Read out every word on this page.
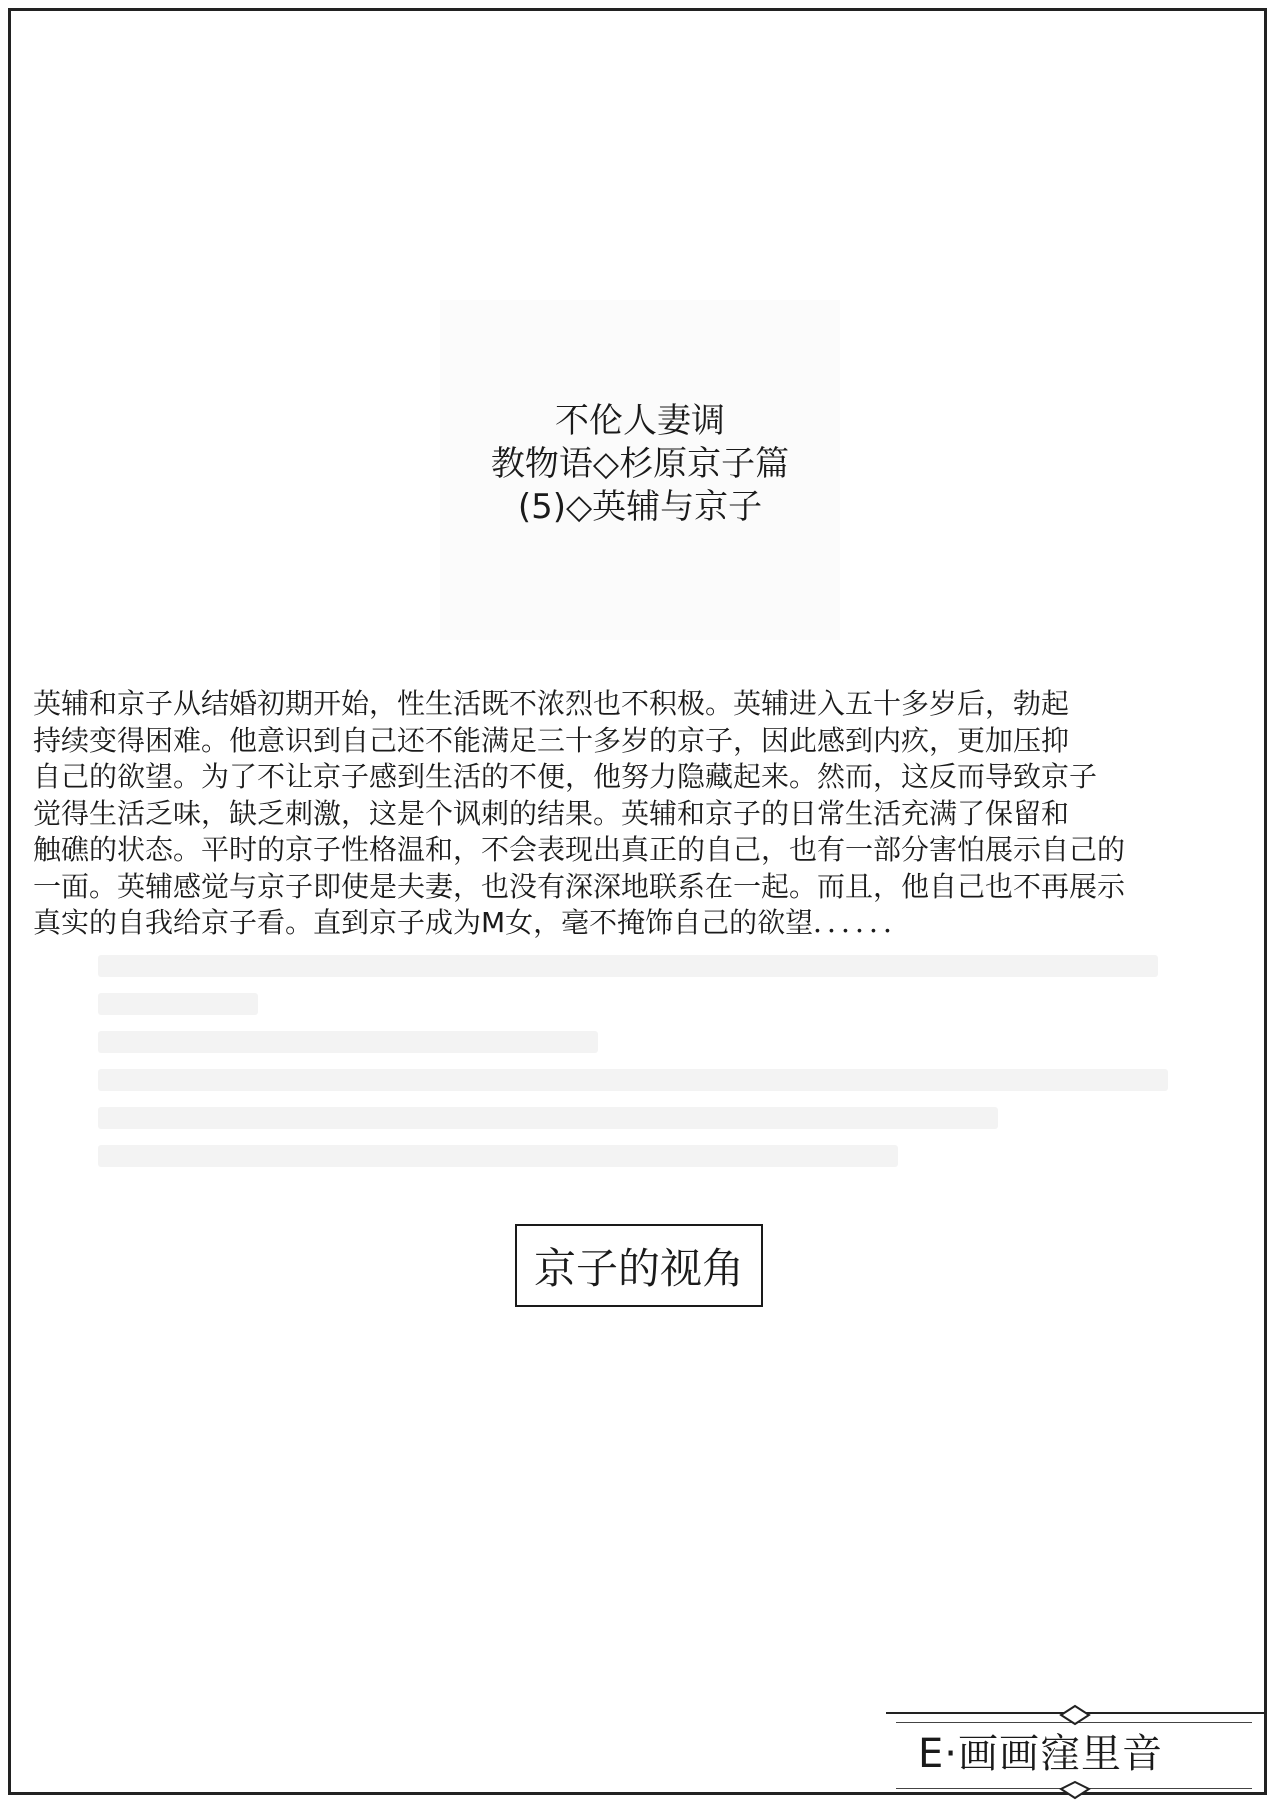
不伦人妻调
教物语◇杉原京子篇
(5)◇英辅与京子
英辅和京子从结婚初期开始，性生活既不浓烈也不积极。英辅进入五十多岁后，勃起
持续变得困难。他意识到自己还不能满足三十多岁的京子，因此感到内疚，更加压抑
自己的欲望。为了不让京子感到生活的不便，他努力隐藏起来。然而，这反而导致京子
觉得生活乏味，缺乏刺激，这是个讽刺的结果。英辅和京子的日常生活充满了保留和
触礁的状态。平时的京子性格温和，不会表现出真正的自己，也有一部分害怕展示自己的
一面。英辅感觉与京子即使是夫妻，也没有深深地联系在一起。而且，他自己也不再展示
真实的自我给京子看。直到京子成为M女，毫不掩饰自己的欲望．．．．．．
京子的视角
E·画画窪里音
